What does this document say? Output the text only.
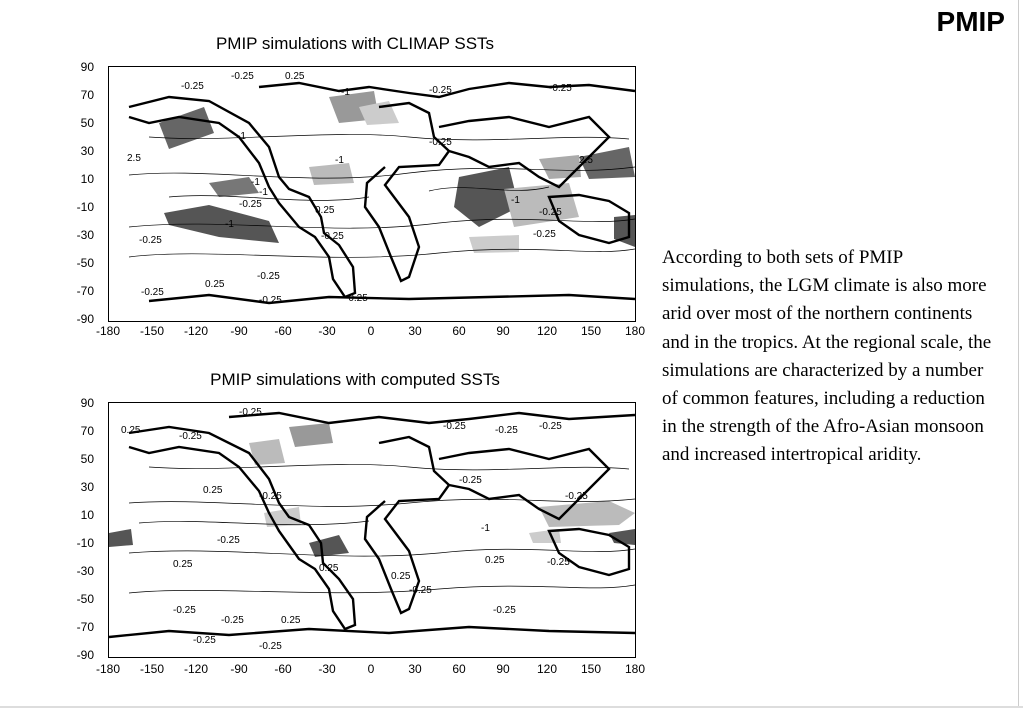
PMIP
PMIP simulations with CLIMAP SSTs
-0.25	0.25
-0.25
-1	-0.25	-0.25
-0.25
-1
2.5
-1
-1	2.5
-1
-0.25
-1
0.25
-1
-0.25
-0.25	-0.25	-0.25
-0.25
0.25
-0.25
-0.25	-0.25
90
70
50
30
10
-10
-30
-50
-70
-90
-180	-150	-120	-90	-60	-30	0	30	60	90	120	150	180
PMIP simulations with computed SSTs
-0.25
0.25
-0.25
-0.25	-0.25 -0.25
0.25
-0.25
-0.25
-1
-0.25
-0.25
0.25	0.25
0.25	-0.25
-0.25
0.25
-0.25	-0.25
0.25
-0.25
-0.25
-0.25
90
70
50
30
10
-10
-30
-50
-70
-90
-180	-150	-120	-90	-60	-30	0	30	60	90	120	150	180
According to both sets of PMIP simulations, the LGM climate is also more arid over most of the northern continents and in the tropics. At the regional scale, the simulations are characterized by a number of common features, including a reduction in the strength of the Afro-Asian monsoon and increased intertropical aridity.
